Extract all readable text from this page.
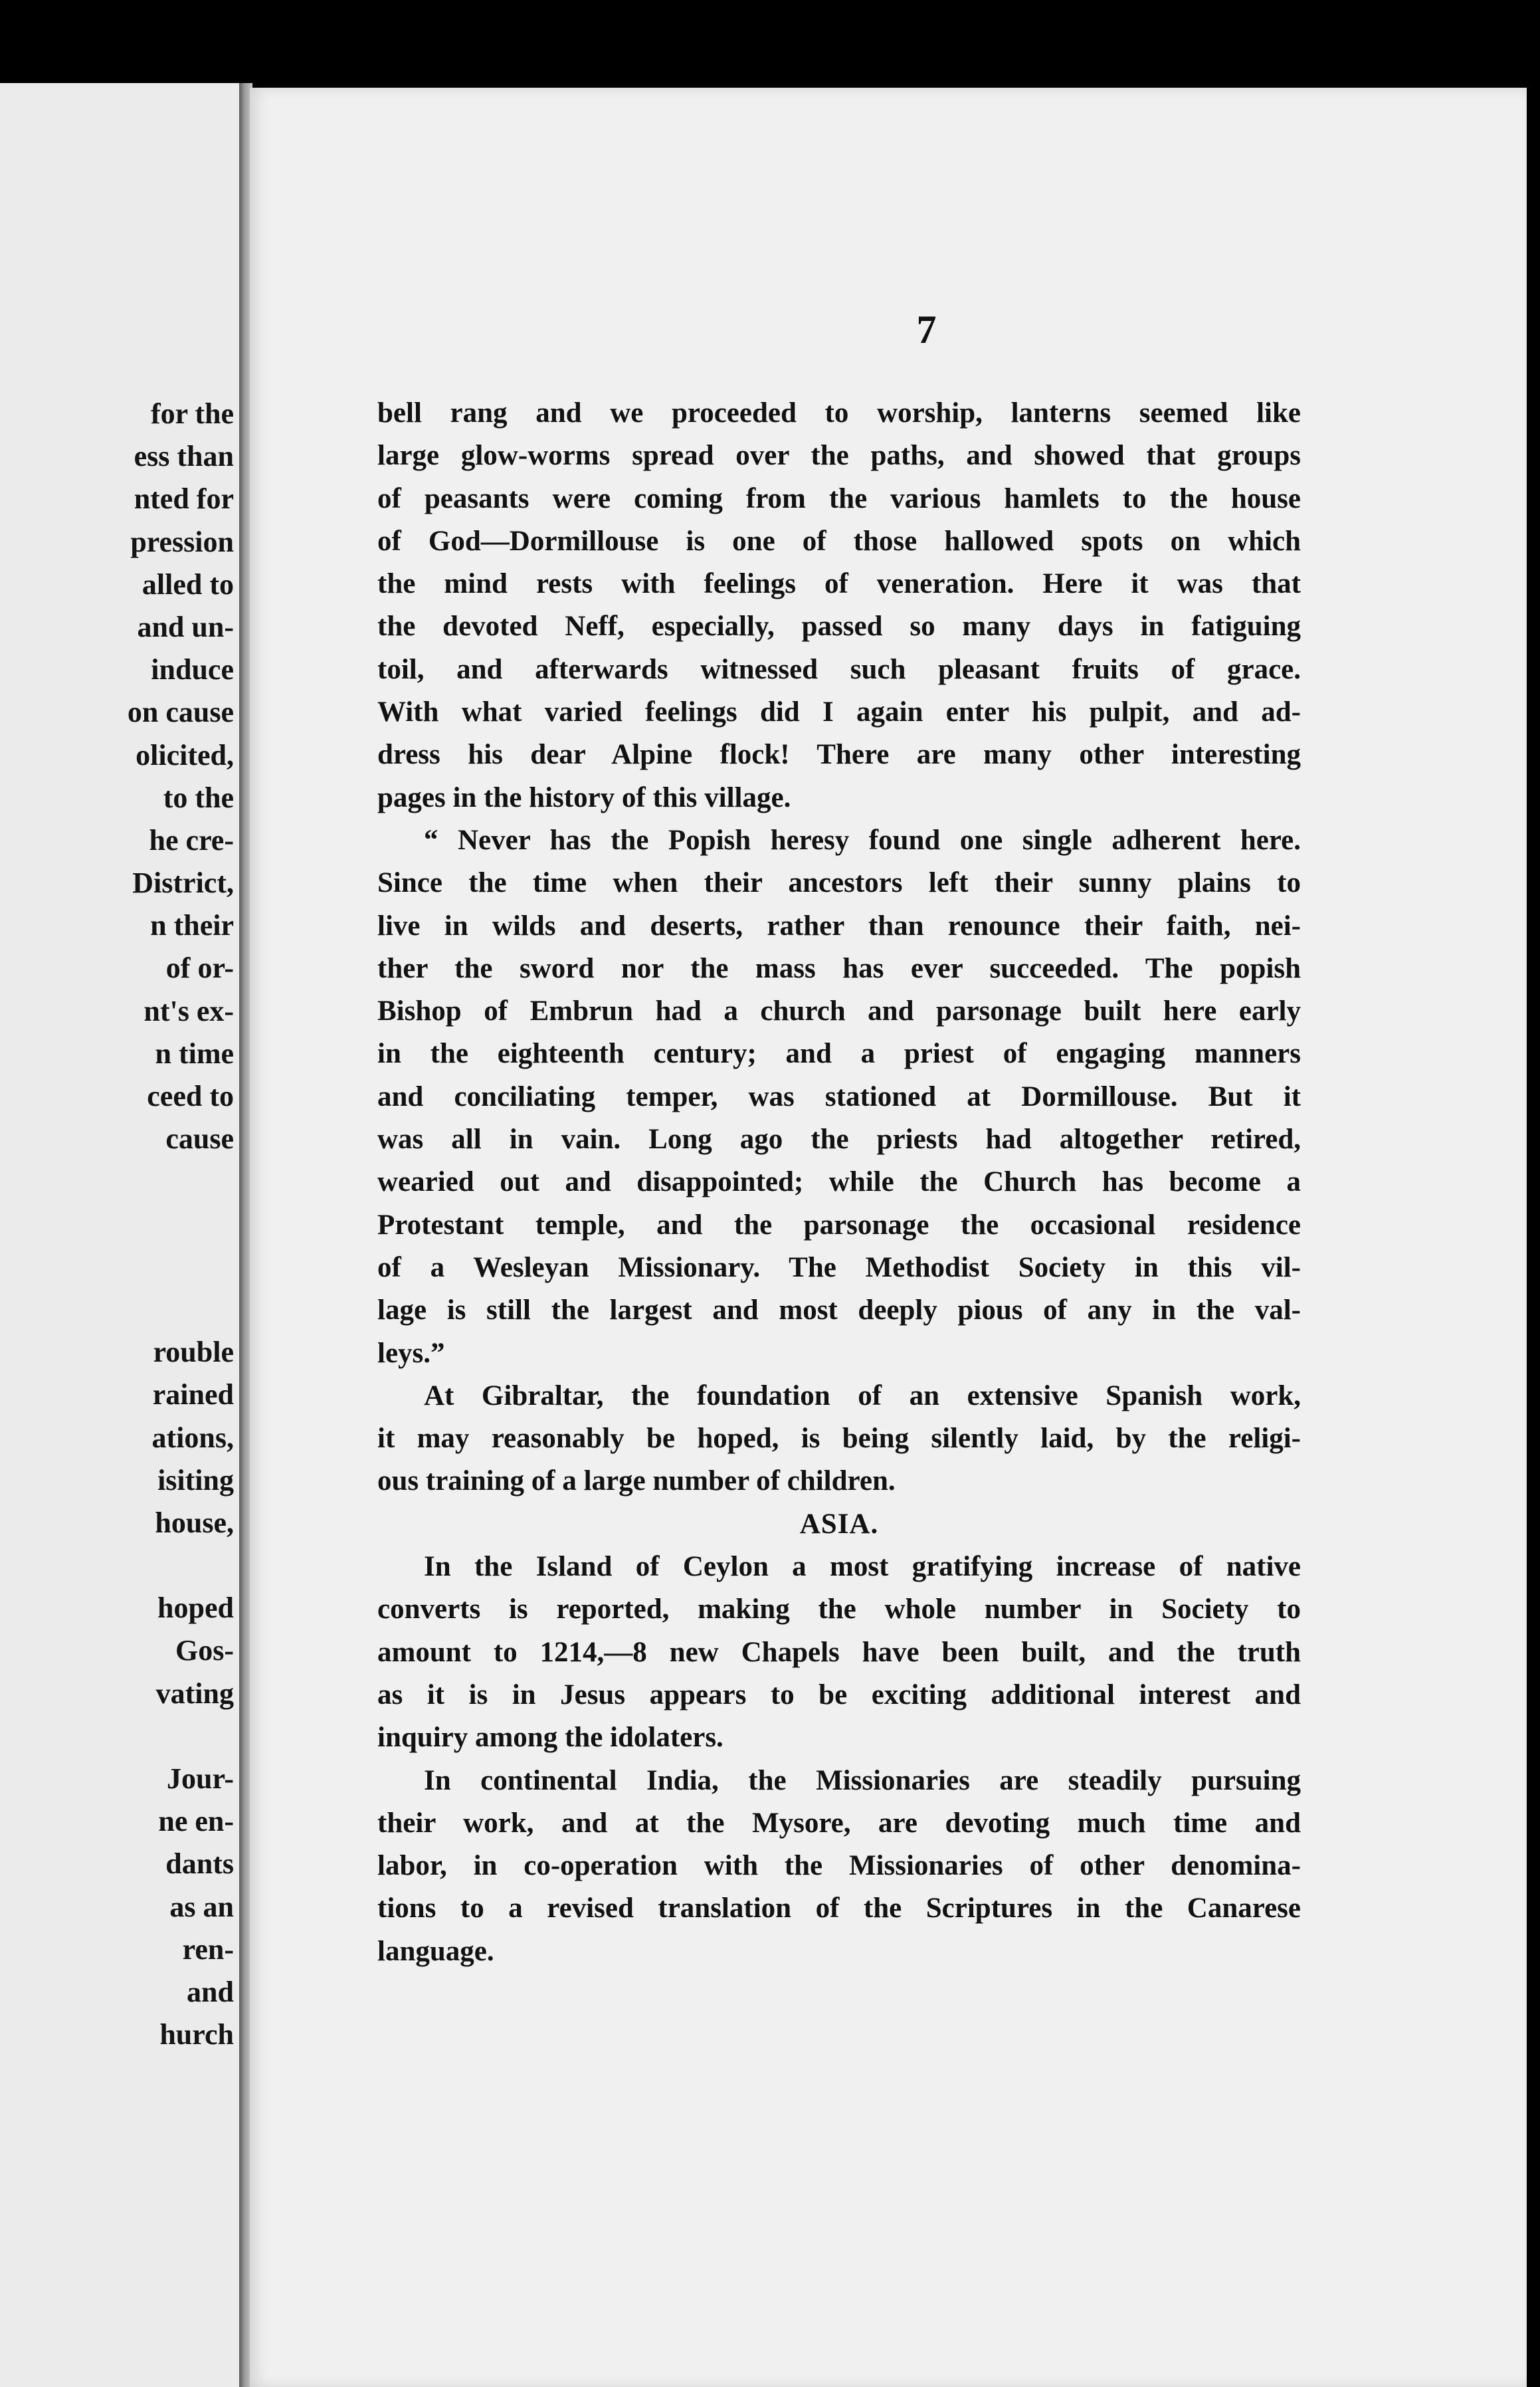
for the
ess than
nted for
pression
alled to
and un-
induce
on cause
olicited,
to the
he cre-
District,
n their
of or-
nt's ex-
n time
ceed to
cause
rouble
rained
ations,
isiting
house,
hoped
Gos-
vating
Jour-
ne en-
dants
as an
ren-
and
hurch
7
bell rang and we proceeded to worship, lanterns seemed like
large glow-worms spread over the paths, and showed that groups
of peasants were coming from the various hamlets to the house
of God—Dormillouse is one of those hallowed spots on which
the mind rests with feelings of veneration. Here it was that
the devoted Neff, especially, passed so many days in fatiguing
toil, and afterwards witnessed such pleasant fruits of grace.
With what varied feelings did I again enter his pulpit, and ad-
dress his dear Alpine flock! There are many other interesting
pages in the history of this village.
“ Never has the Popish heresy found one single adherent here.
Since the time when their ancestors left their sunny plains to
live in wilds and deserts, rather than renounce their faith, nei-
ther the sword nor the mass has ever succeeded. The popish
Bishop of Embrun had a church and parsonage built here early
in the eighteenth century; and a priest of engaging manners
and conciliating temper, was stationed at Dormillouse. But it
was all in vain. Long ago the priests had altogether retired,
wearied out and disappointed; while the Church has become a
Protestant temple, and the parsonage the occasional residence
of a Wesleyan Missionary. The Methodist Society in this vil-
lage is still the largest and most deeply pious of any in the val-
leys.”
At Gibraltar, the foundation of an extensive Spanish work,
it may reasonably be hoped, is being silently laid, by the religi-
ous training of a large number of children.
ASIA.
In the Island of Ceylon a most gratifying increase of native
converts is reported, making the whole number in Society to
amount to 1214,—8 new Chapels have been built, and the truth
as it is in Jesus appears to be exciting additional interest and
inquiry among the idolaters.
In continental India, the Missionaries are steadily pursuing
their work, and at the Mysore, are devoting much time and
labor, in co-operation with the Missionaries of other denomina-
tions to a revised translation of the Scriptures in the Canarese
language.
